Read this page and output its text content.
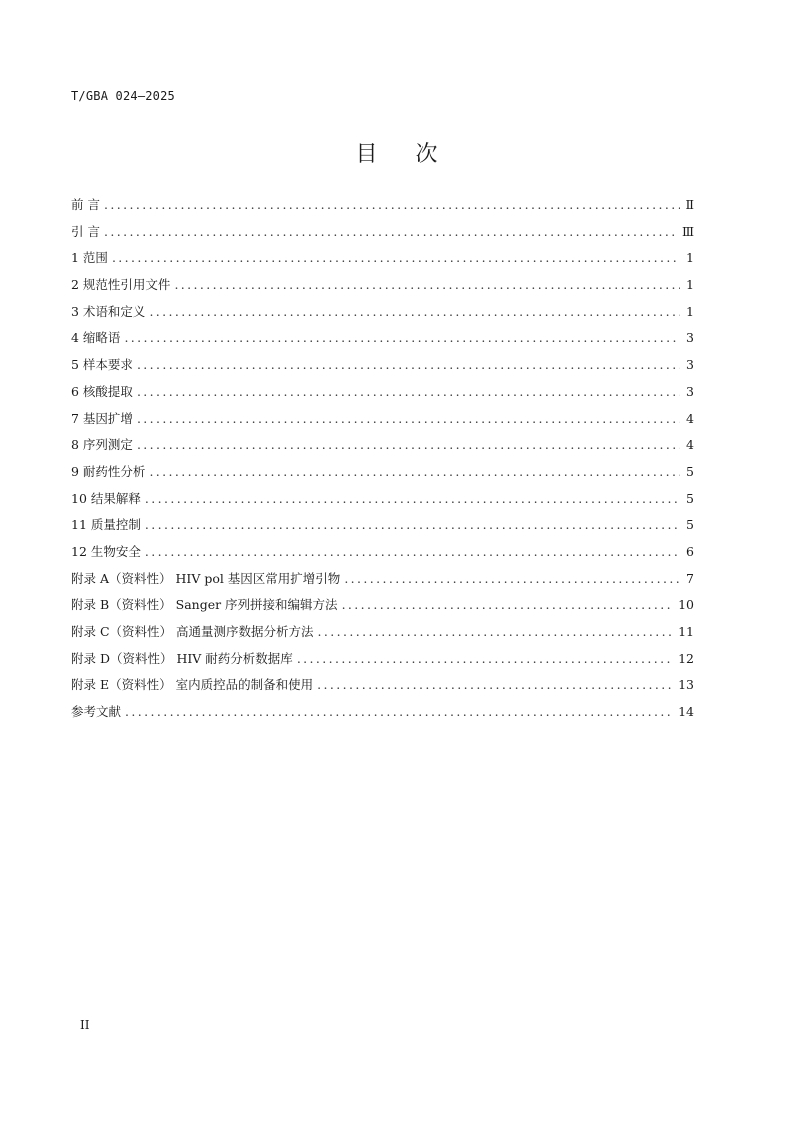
T/GBA 024—2025
目次
前 言 .....	Ⅱ
引 言 .....	Ⅲ
1 范围 .....	1
2 规范性引用文件 .....	1
3 术语和定义 .....	1
4 缩略语 .....	3
5 样本要求 .....	3
6 核酸提取 .....	3
7 基因扩增 .....	4
8 序列测定 .....	4
9 耐药性分析 .....	5
10 结果解释 .....	5
11 质量控制 .....	5
12 生物安全 .....	6
附录 A（资料性） HIV pol 基因区常用扩增引物 .....	7
附录 B（资料性） Sanger 序列拼接和编辑方法 .....	10
附录 C（资料性） 高通量测序数据分析方法 .....	11
附录 D（资料性） HIV 耐药分析数据库 .....	12
附录 E（资料性） 室内质控品的制备和使用 .....	13
参考文献 .....	14
II
